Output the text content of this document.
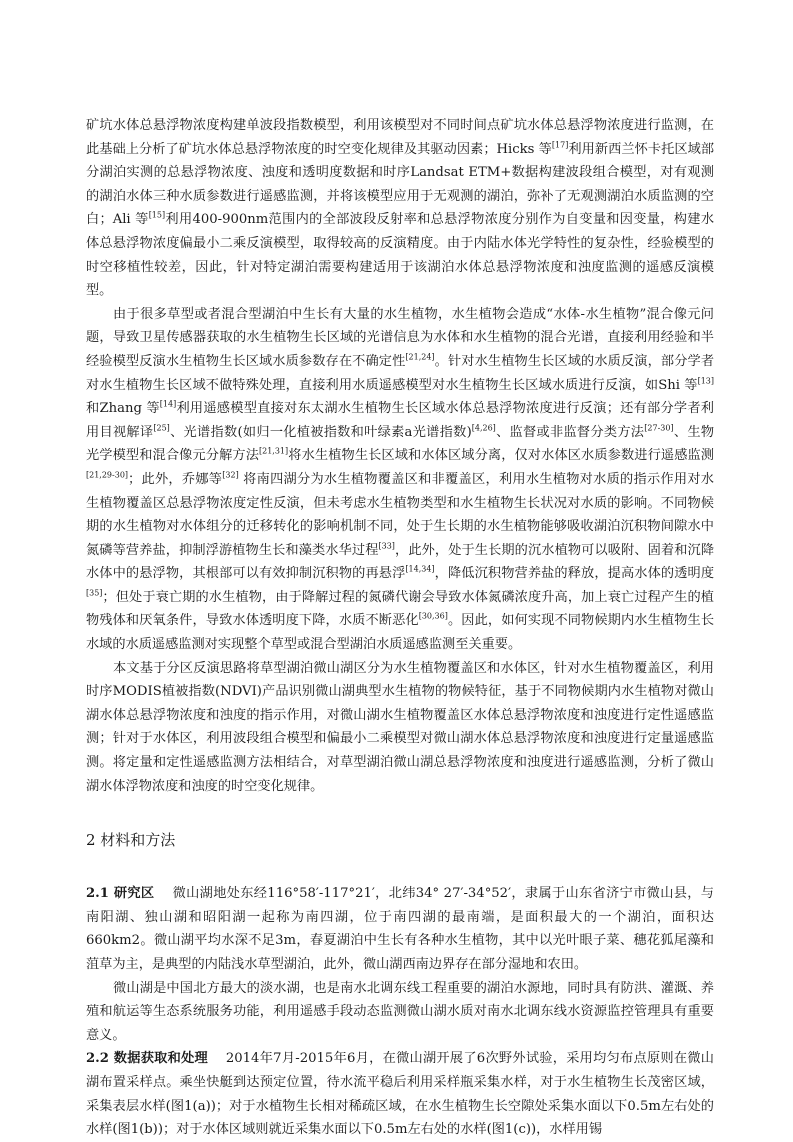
矿坑水体总悬浮物浓度构建单波段指数模型，利用该模型对不同时间点矿坑水体总悬浮物浓度进行监测，在此基础上分析了矿坑水体总悬浮物浓度的时空变化规律及其驱动因素；Hicks 等[17]利用新西兰怀卡托区域部分湖泊实测的总悬浮物浓度、浊度和透明度数据和时序Landsat ETM+数据构建波段组合模型，对有观测的湖泊水体三种水质参数进行遥感监测，并将该模型应用于无观测的湖泊，弥补了无观测湖泊水质监测的空白；Ali 等[15]利用400-900nm范围内的全部波段反射率和总悬浮物浓度分别作为自变量和因变量，构建水体总悬浮物浓度偏最小二乘反演模型，取得较高的反演精度。由于内陆水体光学特性的复杂性，经验模型的时空移植性较差，因此，针对特定湖泊需要构建适用于该湖泊水体总悬浮物浓度和浊度监测的遥感反演模型。

由于很多草型或者混合型湖泊中生长有大量的水生植物，水生植物会造成“水体-水生植物”混合像元问题，导致卫星传感器获取的水生植物生长区域的光谱信息为水体和水生植物的混合光谱，直接利用经验和半经验模型反演水生植物生长区域水质参数存在不确定性[21,24]。针对水生植物生长区域的水质反演，部分学者对水生植物生长区域不做特殊处理，直接利用水质遥感模型对水生植物生长区域水质进行反演，如Shi 等[13]和Zhang 等[14]利用遥感模型直接对东太湖水生植物生长区域水体总悬浮物浓度进行反演；还有部分学者利用目视解译[25]、光谱指数(如归一化植被指数和叶绿素a光谱指数)[4,26]、监督或非监督分类方法[27-30]、生物光学模型和混合像元分解方法[21,31]将水生植物生长区域和水体区域分离，仅对水体区水质参数进行遥感监测[21,29-30]；此外，乔娜等[32] 将南四湖分为水生植物覆盖区和非覆盖区，利用水生植物对水质的指示作用对水生植物覆盖区总悬浮物浓度定性反演，但未考虑水生植物类型和水生植物生长状况对水质的影响。不同物候期的水生植物对水体组分的迁移转化的影响机制不同，处于生长期的水生植物能够吸收湖泊沉积物间隙水中氮磷等营养盐，抑制浮游植物生长和藻类水华过程[33]，此外，处于生长期的沉水植物可以吸附、固着和沉降水体中的悬浮物，其根部可以有效抑制沉积物的再悬浮[14,34]，降低沉积物营养盐的释放，提高水体的透明度[35]；但处于衰亡期的水生植物，由于降解过程的氮磷代谢会导致水体氮磷浓度升高，加上衰亡过程产生的植物残体和厌氧条件，导致水体透明度下降，水质不断恶化[30,36]。因此，如何实现不同物候期内水生植物生长水域的水质遥感监测对实现整个草型或混合型湖泊水质遥感监测至关重要。

本文基于分区反演思路将草型湖泊微山湖区分为水生植物覆盖区和水体区，针对水生植物覆盖区，利用时序MODIS植被指数(NDVI)产品识别微山湖典型水生植物的物候特征，基于不同物候期内水生植物对微山湖水体总悬浮物浓度和浊度的指示作用，对微山湖水生植物覆盖区水体总悬浮物浓度和浊度进行定性遥感监测；针对于水体区，利用波段组合模型和偏最小二乘模型对微山湖水体总悬浮物浓度和浊度进行定量遥感监测。将定量和定性遥感监测方法相结合，对草型湖泊微山湖总悬浮物浓度和浊度进行遥感监测，分析了微山湖水体浮物浓度和浊度的时空变化规律。

2 材料和方法

2.1 研究区 微山湖地处东经116°58′-117°21′，北纬34° 27′-34°52′，隶属于山东省济宁市微山县，与南阳湖、独山湖和昭阳湖一起称为南四湖，位于南四湖的最南端，是面积最大的一个湖泊，面积达660km2。微山湖平均水深不足3m，春夏湖泊中生长有各种水生植物，其中以光叶眼子菜、穗花狐尾藻和菹草为主，是典型的内陆浅水草型湖泊，此外，微山湖西南边界存在部分湿地和农田。

微山湖是中国北方最大的淡水湖，也是南水北调东线工程重要的湖泊水源地，同时具有防洪、灌溉、养殖和航运等生态系统服务功能，利用遥感手段动态监测微山湖水质对南水北调东线水资源监控管理具有重要意义。

2.2 数据获取和处理 2014年7月-2015年6月，在微山湖开展了6次野外试验，采用均匀布点原则在微山湖布置采样点。乘坐快艇到达预定位置，待水流平稳后利用采样瓶采集水样，对于水生植物生长茂密区域，采集表层水样(图1(a))；对于水植物生长相对稀疏区域，在水生植物生长空隙处采集水面以下0.5m左右处的水样(图1(b))；对于水体区域则就近采集水面以下0.5m左右处的水样(图1(c))，水样用锡
